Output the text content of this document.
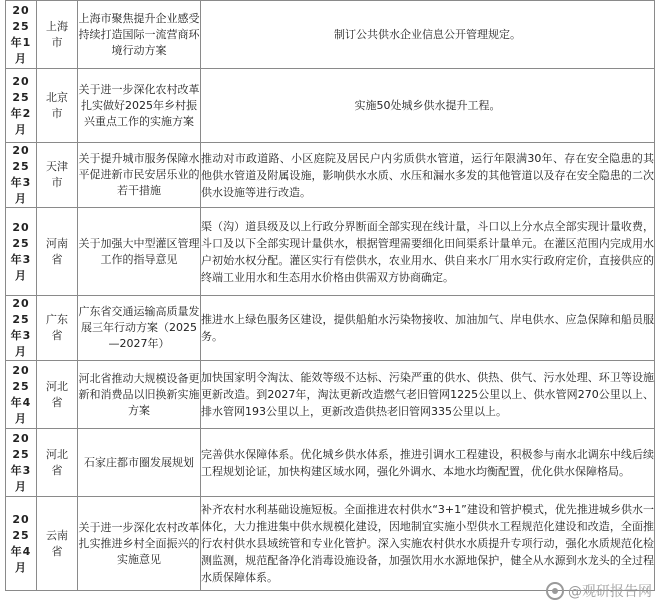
2025年1月	上海市	上海市聚焦提升企业感受 持续打造国际一流营商环境行动方案	制订公共供水企业信息公开管理规定。
2025年2月	北京市	关于进一步深化农村改革扎实做好2025年乡村振兴重点工作的实施方案	实施50处城乡供水提升工程。
2025年3月	天津市	关于提升城市服务保障水平促进新市民安居乐业的若干措施	推动对市政道路、小区庭院及居民户内劣质供水管道，运行年限满30年、存在安全隐患的其他供水管道及附属设施，影响供水水质、水压和漏水多发的其他管道以及存在安全隐患的二次供水设施等进行改造。
2025年3月	河南省	关于加强大中型灌区管理工作的指导意见	渠（沟）道县级及以上行政分界断面全部实现在线计量，斗口以上分水点全部实现计量收费，斗口及以下全部实现计量供水，根据管理需要细化田间渠系计量单元。在灌区范围内完成用水户初始水权分配。灌区实行有偿供水，农业用水、供自来水厂用水实行政府定价，直接供应的终端工业用水和生态用水价格由供需双方协商确定。
2025年3月	广东省	广东省交通运输高质量发展三年行动方案（2025—2027年）	推进水上绿色服务区建设，提供船舶水污染物接收、加油加气、岸电供水、应急保障和船员服务。
2025年4月	河北省	河北省推动大规模设备更新和消费品以旧换新实施方案	加快国家明令淘汰、能效等级不达标、污染严重的供水、供热、供气、污水处理、环卫等设施更新改造。到2027年，淘汰更新改造燃气老旧管网1225公里以上、供水管网270公里以上、排水管网193公里以上，更新改造供热老旧管网335公里以上。
2025年3月	河北省	石家庄都市圈发展规划	完善供水保障体系。优化城乡供水体系，推进引调水工程建设，积极参与南水北调东中线后续工程规划论证，加快构建区域水网，强化外调水、本地水均衡配置，优化供水保障格局。
2025年4月	云南省	关于进一步深化农村改革扎实推进乡村全面振兴的实施意见	补齐农村水利基础设施短板。全面推进农村供水“3+1”建设和管护模式，优先推进城乡供水一体化，大力推进集中供水规模化建设，因地制宜实施小型供水工程规范化建设和改造，全面推行农村供水县域统管和专业化管护。深入实施农村供水水质提升专项行动，强化水质规范化检测监测，规范配备净化消毒设施设备，加强饮用水水源地保护，健全从水源到水龙头的全过程水质保障体系。
@观研报告网
